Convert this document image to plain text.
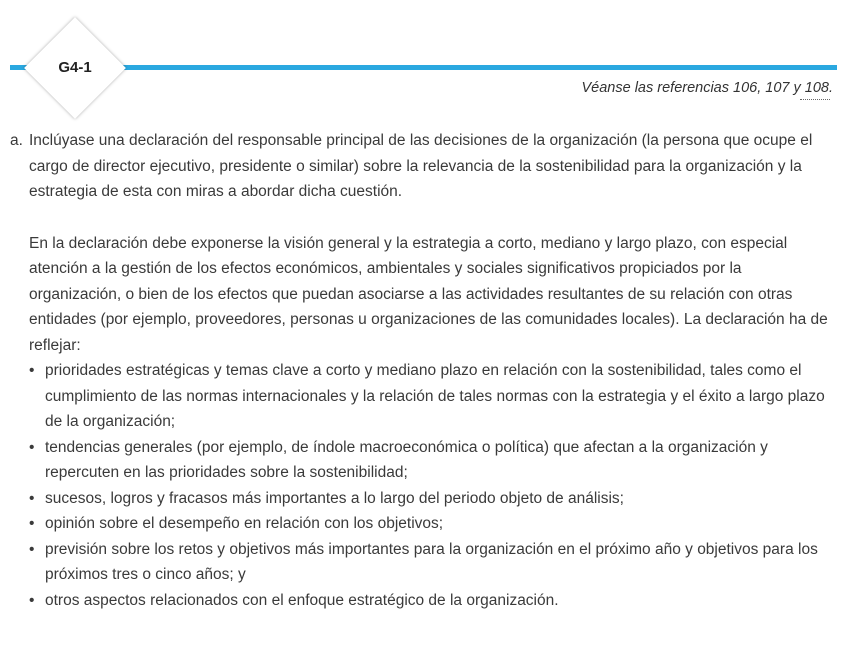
G4-1
Véanse las referencias 106, 107 y 108.
a. Inclúyase una declaración del responsable principal de las decisiones de la organización (la persona que ocupe el cargo de director ejecutivo, presidente o similar) sobre la relevancia de la sostenibilidad para la organización y la estrategia de esta con miras a abordar dicha cuestión.

En la declaración debe exponerse la visión general y la estrategia a corto, mediano y largo plazo, con especial atención a la gestión de los efectos económicos, ambientales y sociales significativos propiciados por la organización, o bien de los efectos que puedan asociarse a las actividades resultantes de su relación con otras entidades (por ejemplo, proveedores, personas u organizaciones de las comunidades locales). La declaración ha de reflejar:

• prioridades estratégicas y temas clave a corto y mediano plazo en relación con la sostenibilidad, tales como el cumplimiento de las normas internacionales y la relación de tales normas con la estrategia y el éxito a largo plazo de la organización;
• tendencias generales (por ejemplo, de índole macroeconómica o política) que afectan a la organización y repercuten en las prioridades sobre la sostenibilidad;
• sucesos, logros y fracasos más importantes a lo largo del periodo objeto de análisis;
• opinión sobre el desempeño en relación con los objetivos;
• previsión sobre los retos y objetivos más importantes para la organización en el próximo año y objetivos para los próximos tres o cinco años; y
• otros aspectos relacionados con el enfoque estratégico de la organización.
